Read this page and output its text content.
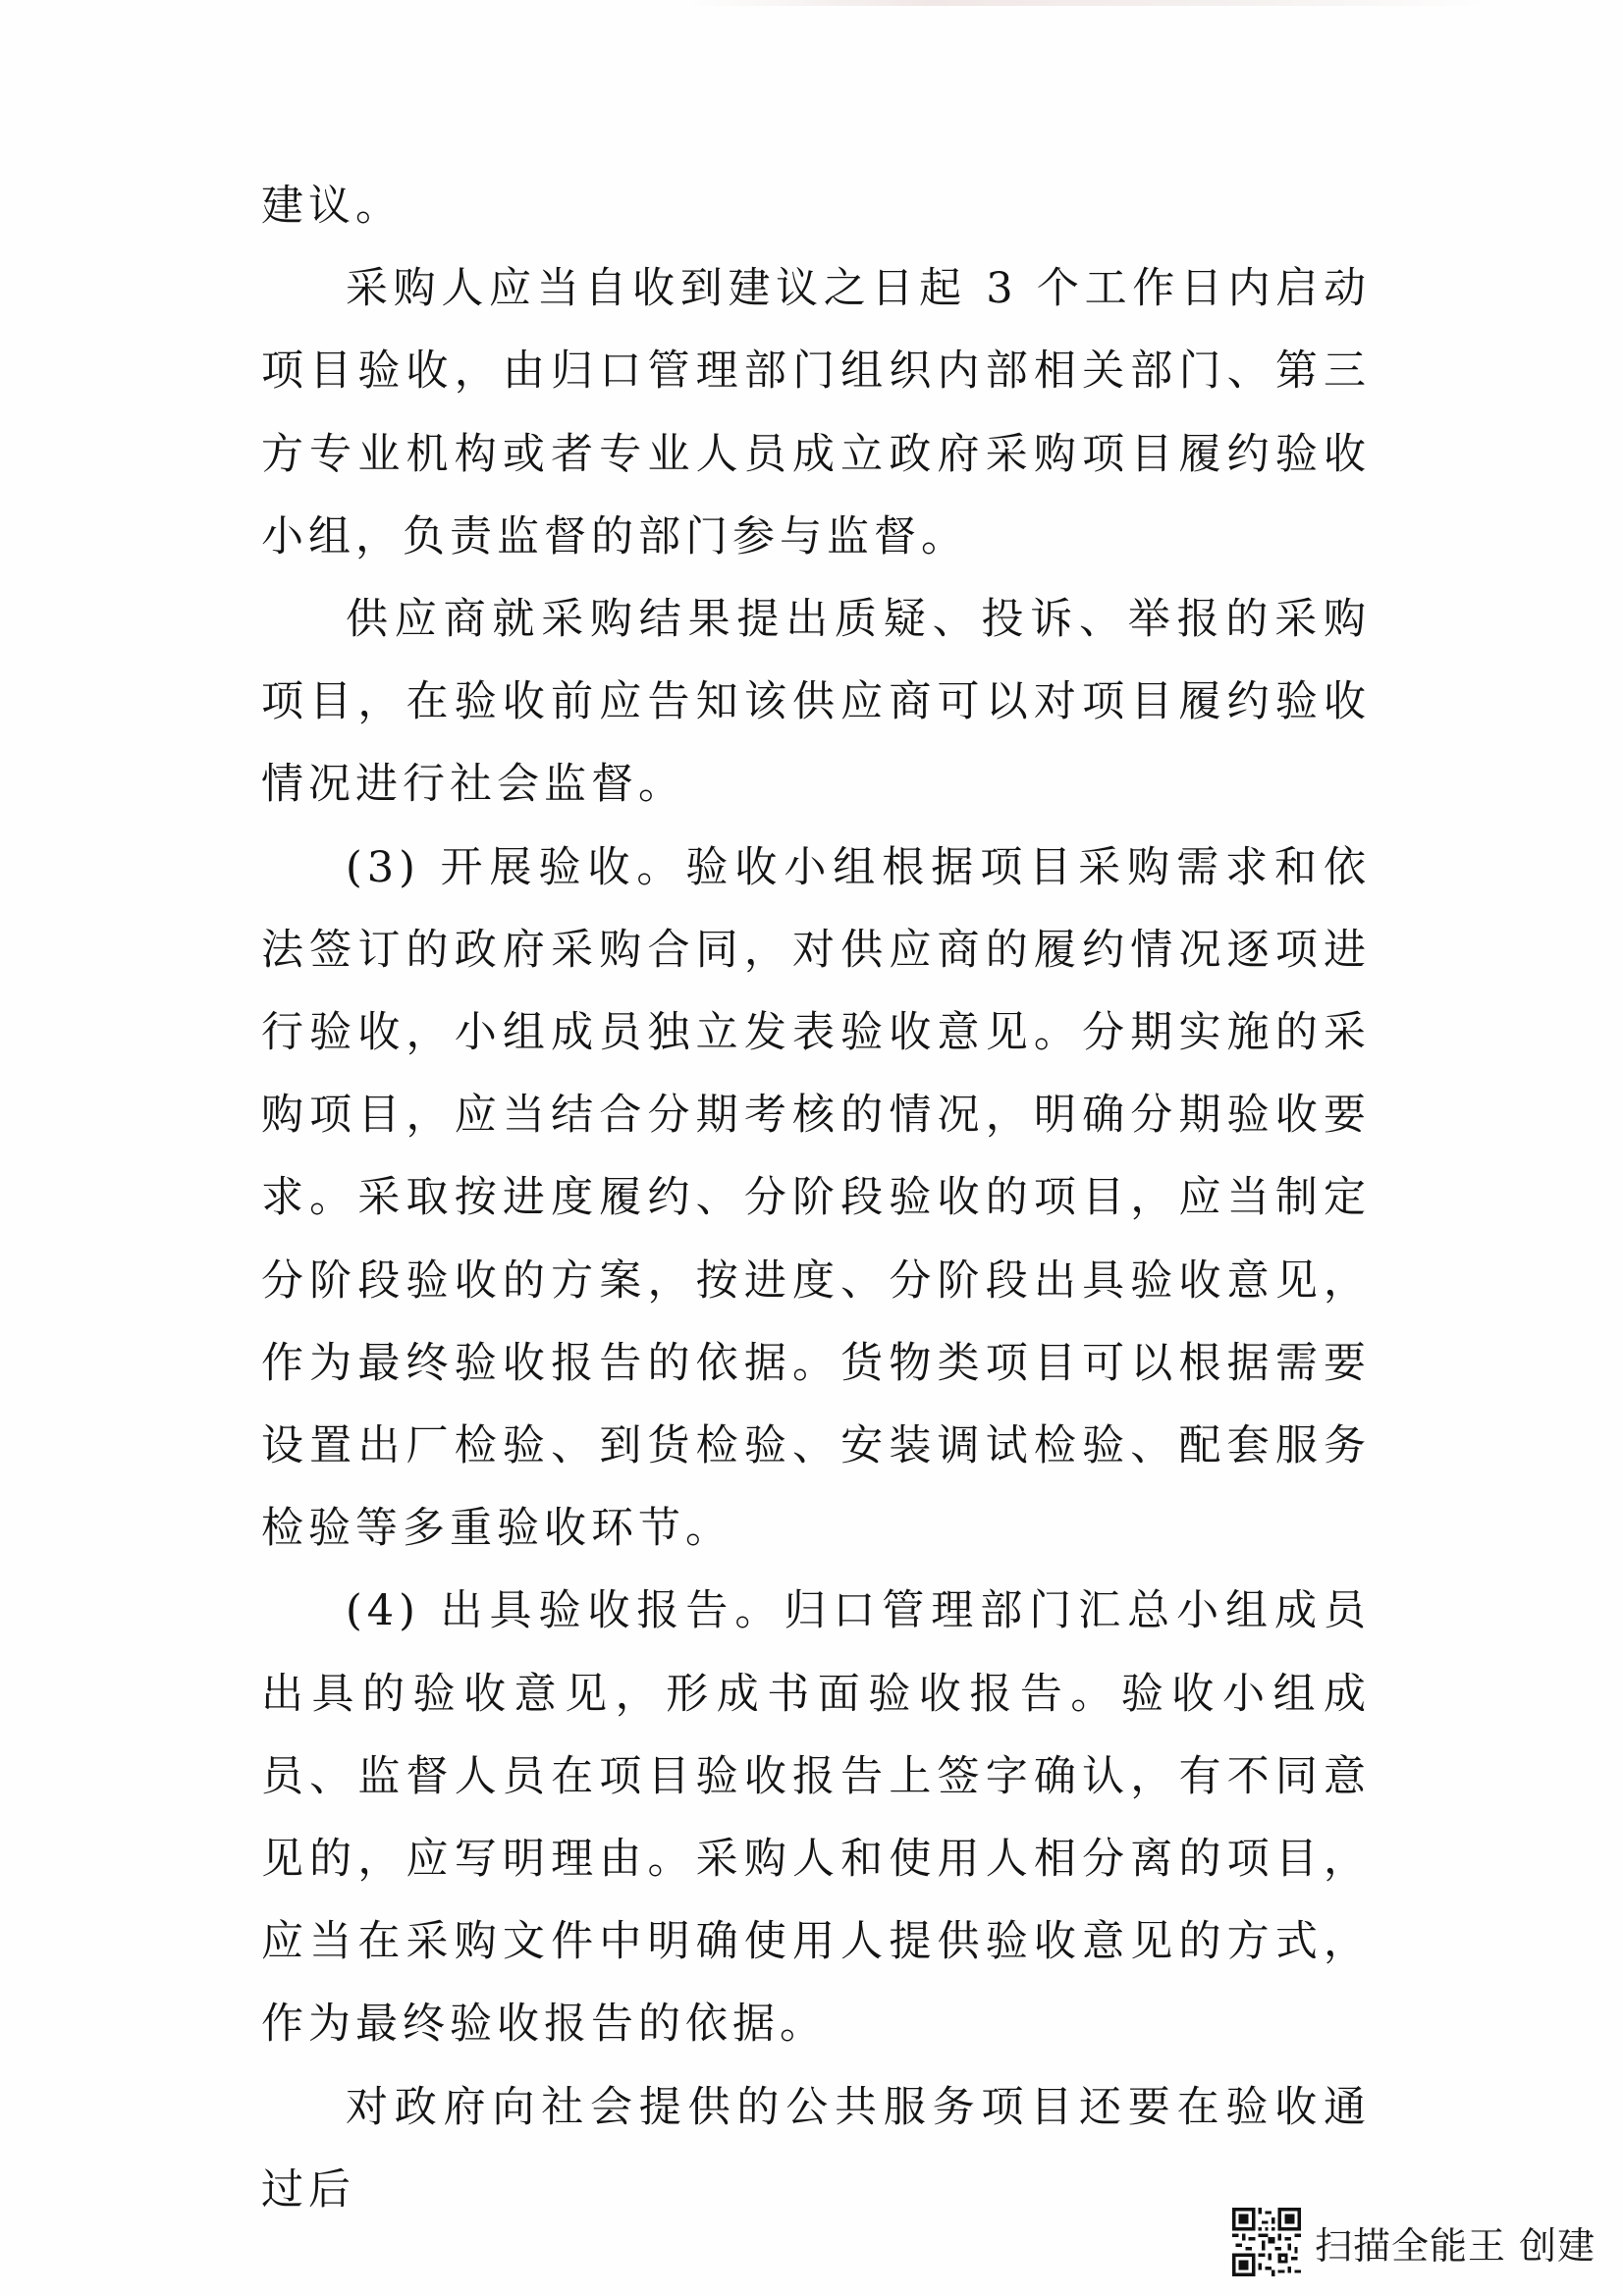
建议。

采购人应当自收到建议之日起 3 个工作日内启动项目验收，由归口管理部门组织内部相关部门、第三方专业机构或者专业人员成立政府采购项目履约验收小组，负责监督的部门参与监督。

供应商就采购结果提出质疑、投诉、举报的采购项目，在验收前应告知该供应商可以对项目履约验收情况进行社会监督。

(3) 开展验收。验收小组根据项目采购需求和依法签订的政府采购合同，对供应商的履约情况逐项进行验收，小组成员独立发表验收意见。分期实施的采购项目，应当结合分期考核的情况，明确分期验收要求。采取按进度履约、分阶段验收的项目，应当制定分阶段验收的方案，按进度、分阶段出具验收意见，作为最终验收报告的依据。货物类项目可以根据需要设置出厂检验、到货检验、安装调试检验、配套服务检验等多重验收环节。

(4) 出具验收报告。归口管理部门汇总小组成员出具的验收意见，形成书面验收报告。验收小组成员、监督人员在项目验收报告上签字确认，有不同意见的，应写明理由。采购人和使用人相分离的项目，应当在采购文件中明确使用人提供验收意见的方式，作为最终验收报告的依据。

对政府向社会提供的公共服务项目还要在验收通过后

扫描全能王 创建
